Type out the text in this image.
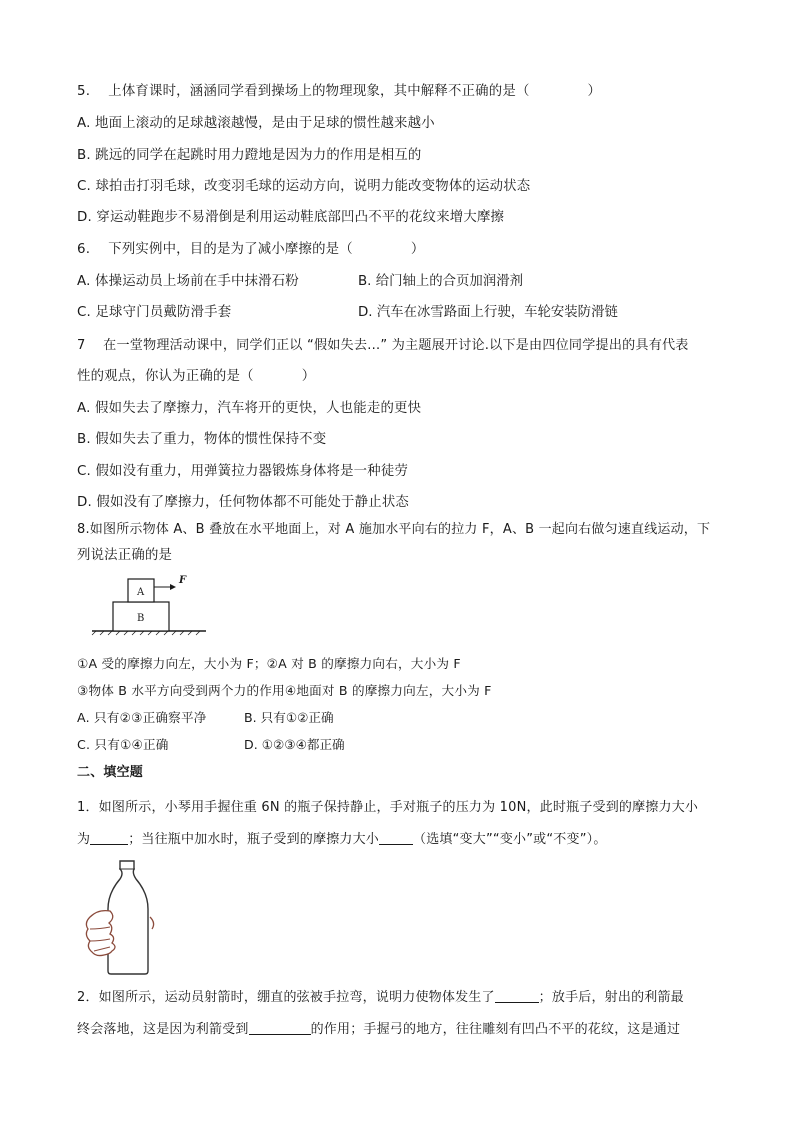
5.　 上体育课时，涵涵同学看到操场上的物理现象，其中解释不正确的是（	）
A. 地面上滚动的足球越滚越慢，是由于足球的惯性越来越小
B. 跳远的同学在起跳时用力蹬地是因为力的作用是相互的
C. 球拍击打羽毛球，改变羽毛球的运动方向，说明力能改变物体的运动状态
D. 穿运动鞋跑步不易滑倒是利用运动鞋底部凹凸不平的花纹来增大摩擦
6.　 下列实例中，目的是为了减小摩擦的是（	）
A. 体操运动员上场前在手中抹滑石粉	B. 给门轴上的合页加润滑剂
C. 足球守门员戴防滑手套	D. 汽车在冰雪路面上行驶，车轮安装防滑链
7　 在一堂物理活动课中，同学们正以 “假如失去…” 为主题展开讨论.以下是由四位同学提出的具有代表
性的观点，你认为正确的是（	）
A. 假如失去了摩擦力，汽车将开的更快，人也能走的更快
B. 假如失去了重力，物体的惯性保持不变
C. 假如没有重力，用弹簧拉力器锻炼身体将是一种徒劳
D. 假如没有了摩擦力，任何物体都不可能处于静止状态
8.如图所示物体 A、B 叠放在水平地面上，对 A 施加水平向右的拉力 F，A、B 一起向右做匀速直线运动，下
列说法正确的是
A
B
F
①A 受的摩擦力向左，大小为 F；②A 对 B 的摩擦力向右，大小为 F
③物体 B 水平方向受到两个力的作用④地面对 B 的摩擦力向左，大小为 F
A. 只有②③正确察平净	B. 只有①②正确
C. 只有①④正确	D. ①②③④都正确
二、填空题
1．如图所示，小琴用手握住重 6N 的瓶子保持静止，手对瓶子的压力为 10N，此时瓶子受到的摩擦力大小
为	；当往瓶中加水时，瓶子受到的摩擦力大小	（选填“变大”“变小”或“不变”）。
2．如图所示，运动员射箭时，绷直的弦被手拉弯，说明力使物体发生了	；放手后，射出的利箭最
终会落地，这是因为利箭受到	的作用；手握弓的地方，往往雕刻有凹凸不平的花纹，这是通过
